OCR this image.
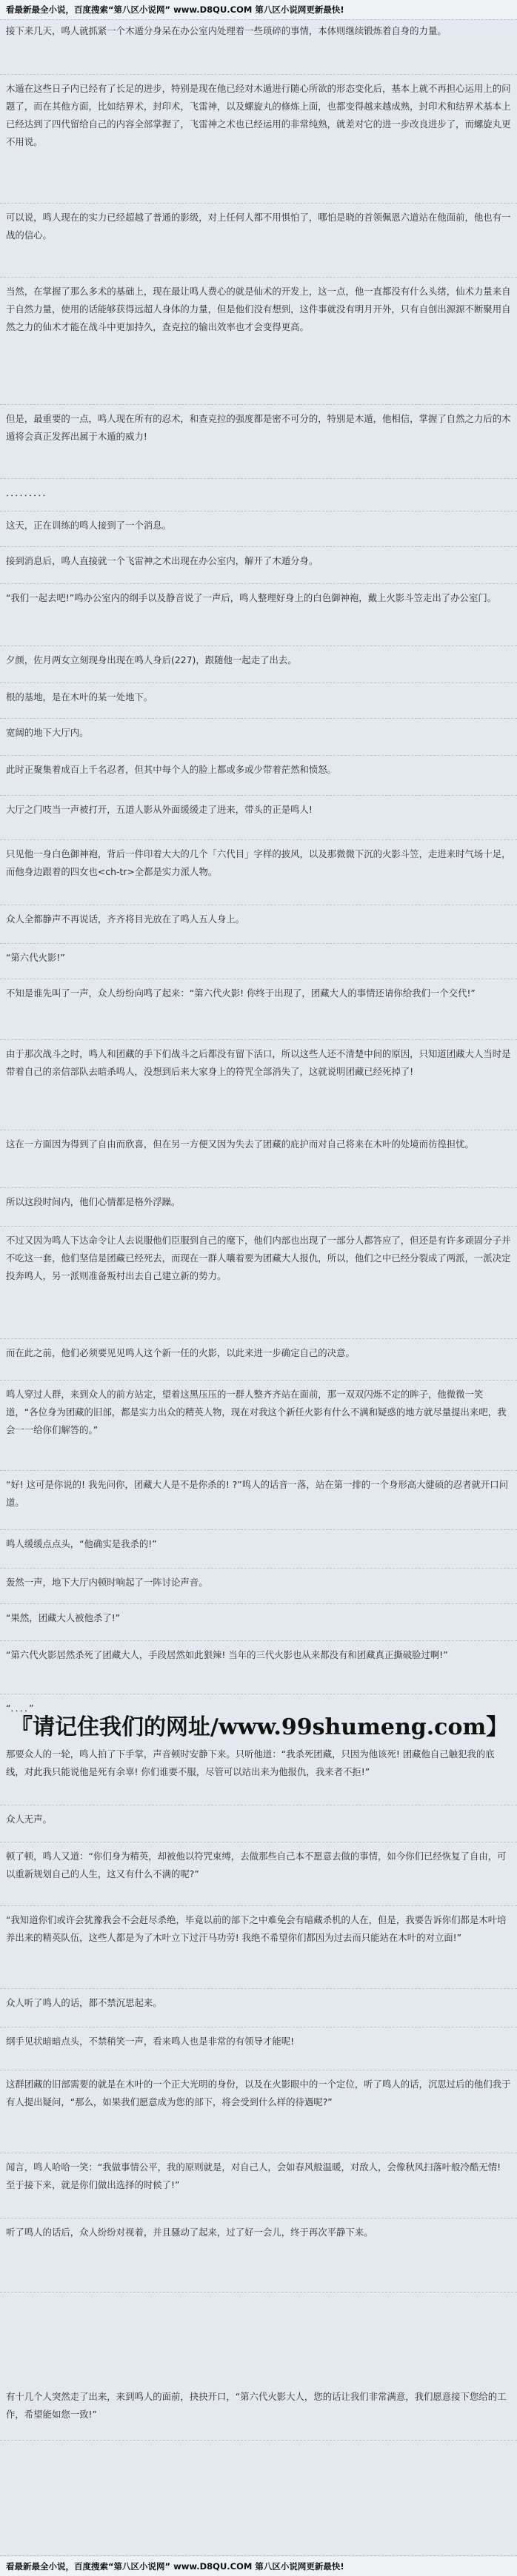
看最新最全小说，百度搜索“第八区小说网” www.D8QU.COM 第八区小说网更新最快!

接下来几天，鸣人就抓紧一个木遁分身呆在办公室内处理着一些琐碎的事情，本体则继续锻炼着自身的力量。

木遁在这些日子内已经有了长足的进步，特别是现在他已经对木遁进行随心所欲的形态变化后，基本上就不再担心运用上的问题了，而在其他方面，比如结界术，封印术，飞雷神，以及螺旋丸的修炼上面，也都变得越来越成熟，封印术和结界术基本上已经达到了四代留给自己的内容全部掌握了，飞雷神之术也已经运用的非常纯熟，就差对它的进一步改良进步了，而螺旋丸更不用说。

可以说，鸣人现在的实力已经超越了普通的影级，对上任何人都不用惧怕了，哪怕是晓的首领佩恩六道站在他面前，他也有一战的信心。

当然，在掌握了那么多术的基础上，现在最让鸣人费心的就是仙术的开发上，这一点，他一直都没有什么头绪，仙术力量来自于自然力量，使用的话能够获得远超人身体的力量，但是他们没有想到，这件事就没有明月开外，只有自创出源源不断聚用自然之力的仙术才能在战斗中更加持久，查克拉的输出效率也才会变得更高。

但是，最重要的一点，鸣人现在所有的忍术，和查克拉的强度都是密不可分的，特别是木遁，他相信，掌握了自然之力后的木遁将会真正发挥出属于木遁的威力!

．．．．．．．．．

这天，正在训练的鸣人接到了一个消息。

接到消息后，鸣人直接就一个飞雷神之术出现在办公室内，解开了木遁分身。

“我们一起去吧!”鸣办公室内的纲手以及静音说了一声后，鸣人整理好身上的白色御神袍，戴上火影斗笠走出了办公室门。

夕颜，佐月两女立刻现身出现在鸣人身后(227)，跟随他一起走了出去。

根的基地，是在木叶的某一处地下。

宽阔的地下大厅内。

此时正聚集着成百上千名忍者，但其中每个人的脸上都或多或少带着茫然和愤怒。

大厅之门吱当一声被打开，五道人影从外面缓缓走了进来，带头的正是鸣人!

只见他一身白色御神袍，背后一件印着大大的几个「六代目」字样的披风，以及那微微下沉的火影斗笠，走进来时气场十足，而他身边跟着的四女也<ch-tr>全都是实力派人物。

众人全都静声不再说话，齐齐将目光放在了鸣人五人身上。

“第六代火影!”

不知是谁先叫了一声，众人纷纷向鸣了起来：“第六代火影! 你终于出现了，团藏大人的事情还请你给我们一个交代!”

由于那次战斗之时，鸣人和团藏的手下们战斗之后都没有留下活口，所以这些人还不清楚中间的原因，只知道团藏大人当时是带着自己的亲信部队去暗杀鸣人，没想到后来大家身上的符咒全部消失了，这就说明团藏已经死掉了!

这在一方面因为得到了自由而欣喜，但在另一方便又因为失去了团藏的庇护而对自己将来在木叶的处境而彷徨担忧。

所以这段时间内，他们心情都是格外浮躁。

不过又因为鸣人下达命令让人去说服他们臣服到自己的麾下，他们内部也出现了一部分人都答应了，但还是有许多顽固分子并不吃这一套，他们坚信是团藏已经死去，而现在一群人嚷着要为团藏大人报仇，所以，他们之中已经分裂成了两派，一派决定投奔鸣人，另一派则准备叛村出去自己建立新的势力。

而在此之前，他们必须要见见鸣人这个新一任的火影，以此来进一步确定自己的决意。

鸣人穿过人群，来到众人的前方站定，望着这黑压压的一群人整齐齐站在面前，那一双双闪烁不定的眸子，他微微一笑道，“各位身为团藏的旧部，都是实力出众的精英人物，现在对我这个新任火影有什么不满和疑惑的地方就尽量提出来吧，我会一一给你们解答的。”

“好! 这可是你说的! 我先问你，团藏大人是不是你杀的! ?”鸣人的话音一落，站在第一排的一个身形高大健硕的忍者就开口问道。

鸣人缓缓点点头，“他确实是我杀的!”

轰然一声，地下大厅内顿时响起了一阵讨论声音。

“果然，团藏大人被他杀了!”

“第六代火影居然杀死了团藏大人，手段居然如此狠辣! 当年的三代火影也从来都没有和团藏真正撕破脸过啊!”

“．．．．”

『请记住我们的网址/www.99shumeng.com】

那要众人的一轮，鸣人拍了下手掌，声音顿时安静下来。只听他道：“我杀死团藏，只因为他该死! 团藏他自己触犯我的底线，对此我只能说他是死有余辜! 你们谁要不服，尽管可以站出来为他报仇，我来者不拒!”

众人无声。

顿了顿，鸣人又道：“你们身为精英，却被他以符咒束缚，去做那些自己本不愿意去做的事情，如今你们已经恢复了自由，可以重新规划自己的人生，这又有什么不满的呢?”

“我知道你们或许会犹豫我会不会赶尽杀绝，毕竟以前的部下之中难免会有暗藏杀机的人在，但是，我要告诉你们都是木叶培养出来的精英队伍，这些人都是为了木叶立下过汗马功劳! 我绝不希望你们都因为过去而只能站在木叶的对立面!”

众人听了鸣人的话，都不禁沉思起来。

纲手见状暗暗点头，不禁稍笑一声，看来鸣人也是非常的有领导才能呢!

这群团藏的旧部需要的就是在木叶的一个正大光明的身份，以及在火影眼中的一个定位，听了鸣人的话，沉思过后的他们我于有人提出疑问，“那么，如果我们愿意成为您的部下，将会受到什么样的待遇呢?”

闻言，鸣人哈哈一笑：“我做事情公平，我的原则就是，对自己人，会如春风般温暖，对敌人，会像秋风扫落叶般冷酷无情! 至于接下来，就是你们做出选择的时候了!”

听了鸣人的话后，众人纷纷对视着，并且骚动了起来，过了好一会儿，终于再次平静下来。

有十几个人突然走了出来，来到鸣人的面前，抉抉开口，“第六代火影大人，您的话让我们非常满意，我们愿意接下您给的工作，希望能如您一致!”

看最新最全小说，百度搜索“第八区小说网” www.D8QU.COM 第八区小说网更新最快!
